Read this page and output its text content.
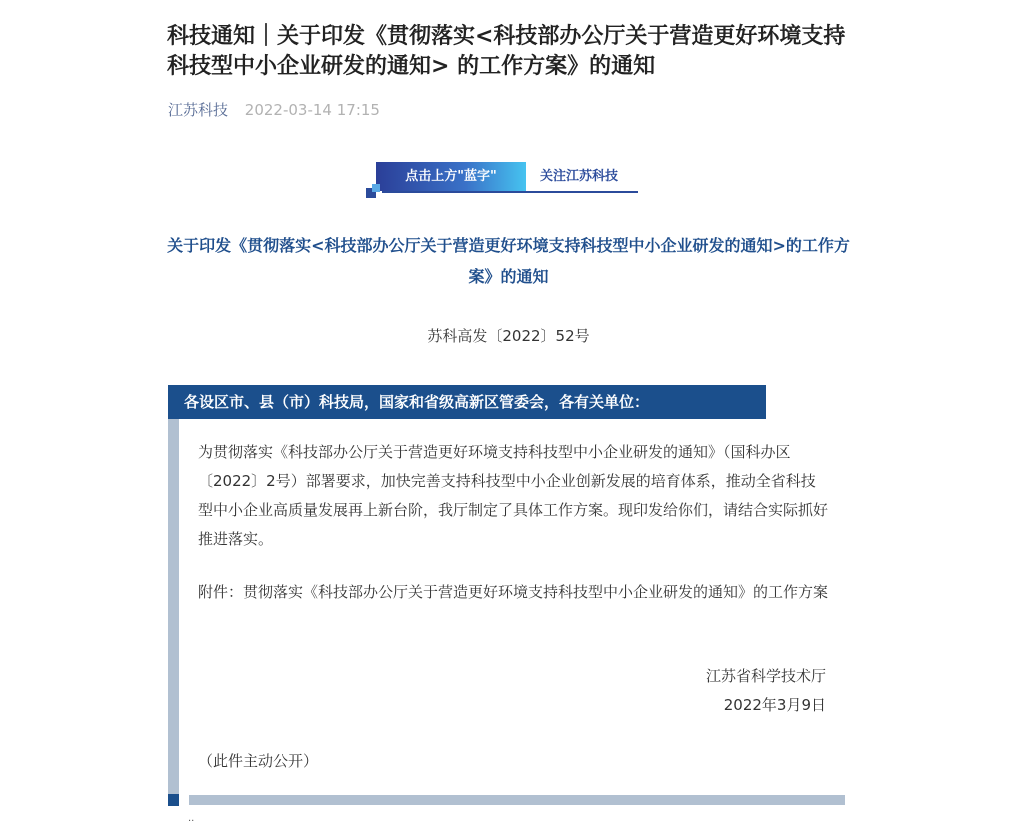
科技通知｜关于印发《贯彻落实<科技部办公厅关于营造更好环境支持科技型中小企业研发的通知> 的工作方案》的通知
江苏科技 2022-03-14 17:15
点击上方"蓝字"	关注江苏科技
关于印发《贯彻落实<科技部办公厅关于营造更好环境支持科技型中小企业研发的通知>的工作方案》的通知
苏科高发〔2022〕52号
各设区市、县（市）科技局，国家和省级高新区管委会，各有关单位：

为贯彻落实《科技部办公厅关于营造更好环境支持科技型中小企业研发的通知》（国科办区〔2022〕2号）部署要求，加快完善支持科技型中小企业创新发展的培育体系，推动全省科技型中小企业高质量发展再上新台阶，我厅制定了具体工作方案。现印发给你们，请结合实际抓好推进落实。

附件：贯彻落实《科技部办公厅关于营造更好环境支持科技型中小企业研发的通知》的工作方案

江苏省科学技术厅
2022年3月9日
（此件主动公开）
··
